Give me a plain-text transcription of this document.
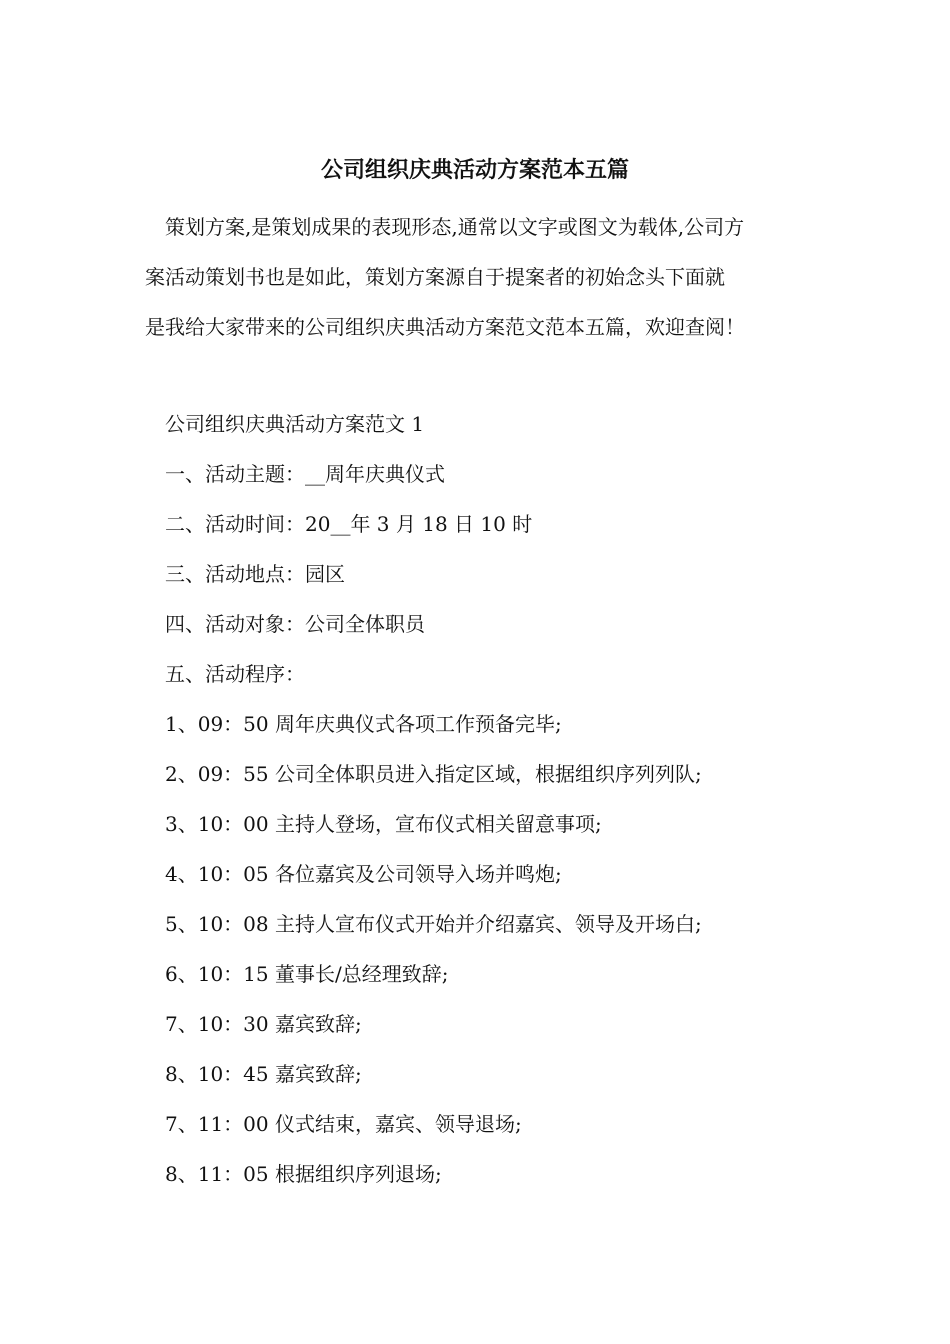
公司组织庆典活动方案范本五篇
　策划方案,是策划成果的表现形态,通常以文字或图文为载体,公司方
案活动策划书也是如此，策划方案源自于提案者的初始念头下面就
是我给大家带来的公司组织庆典活动方案范文范本五篇，欢迎查阅！
公司组织庆典活动方案范文 1
一、活动主题：__周年庆典仪式
二、活动时间：20__年 3 月 18 日 10 时
三、活动地点：园区
四、活动对象：公司全体职员
五、活动程序：
1、09：50 周年庆典仪式各项工作预备完毕;
2、09：55 公司全体职员进入指定区域，根据组织序列列队;
3、10：00 主持人登场，宣布仪式相关留意事项;
4、10：05 各位嘉宾及公司领导入场并鸣炮;
5、10：08 主持人宣布仪式开始并介绍嘉宾、领导及开场白;
6、10：15 董事长/总经理致辞;
7、10：30 嘉宾致辞;
8、10：45 嘉宾致辞;
7、11：00 仪式结束，嘉宾、领导退场;
8、11：05 根据组织序列退场;
